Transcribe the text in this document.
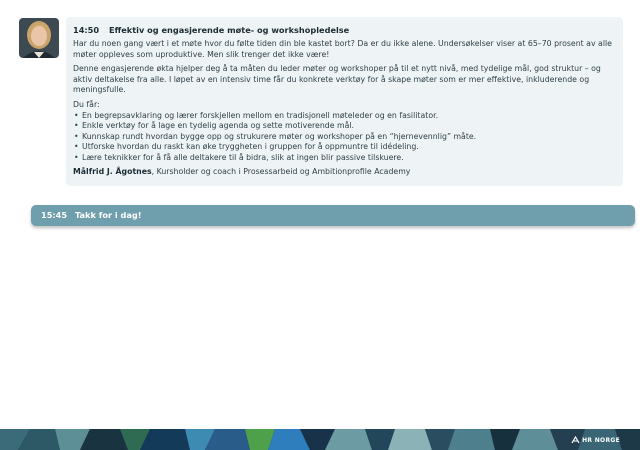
14:50 Effektiv og engasjerende møte- og workshopledelse

Har du noen gang vært i et møte hvor du følte tiden din ble kastet bort? Da er du ikke alene. Undersøkelser viser at 65–70 prosent av alle møter oppleves som uproduktive. Men slik trenger det ikke være!

Denne engasjerende økta hjelper deg å ta måten du leder møter og workshoper på til et nytt nivå, med tydelige mål, god struktur – og aktiv deltakelse fra alle. I løpet av en intensiv time får du konkrete verktøy for å skape møter som er mer effektive, inkluderende og meningsfulle.

Du får:

• En begrepsavklaring og lærer forskjellen mellom en tradisjonell møteleder og en fasilitator.
• Enkle verktøy for å lage en tydelig agenda og sette motiverende mål.
• Kunnskap rundt hvordan bygge opp og strukurere møter og workshoper på en “hjernevennlig” måte.
• Utforske hvordan du raskt kan øke tryggheten i gruppen for å oppmuntre til idédeling.
• Lære teknikker for å få alle deltakere til å bidra, slik at ingen blir passive tilskuere.

Målfrid J. Ågotnes, Kursholder og coach i Prosessarbeid og Ambitionprofile Academy

15:45 Takk for i dag!
HR NORGE
